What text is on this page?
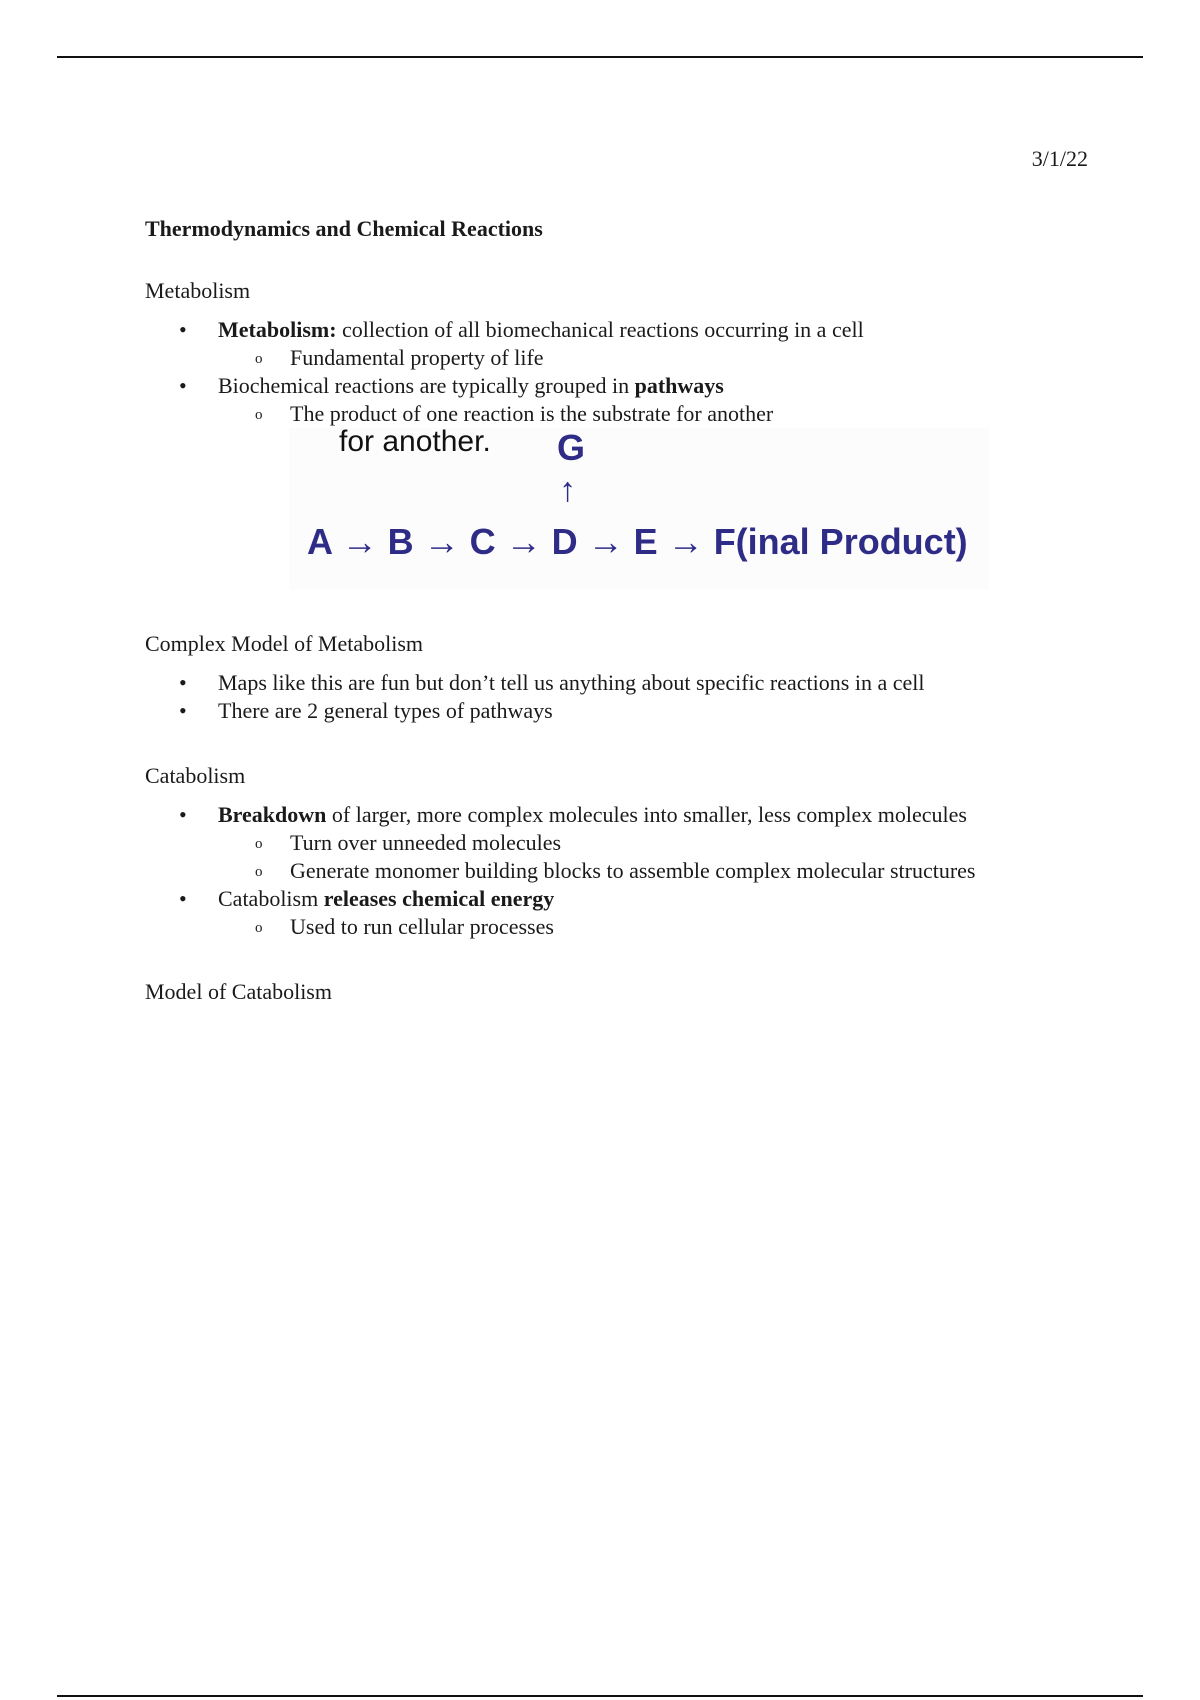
3/1/22
Thermodynamics and Chemical Reactions
Metabolism
• Metabolism: collection of all biomechanical reactions occurring in a cell
o Fundamental property of life
• Biochemical reactions are typically grouped in pathways
o The product of one reaction is the substrate for another
for another. G
↑
A → B → C → D → E → F(inal Product)
Complex Model of Metabolism
• Maps like this are fun but don’t tell us anything about specific reactions in a cell
• There are 2 general types of pathways
Catabolism
• Breakdown of larger, more complex molecules into smaller, less complex molecules
o Turn over unneeded molecules
o Generate monomer building blocks to assemble complex molecular structures
• Catabolism releases chemical energy
o Used to run cellular processes
Model of Catabolism
